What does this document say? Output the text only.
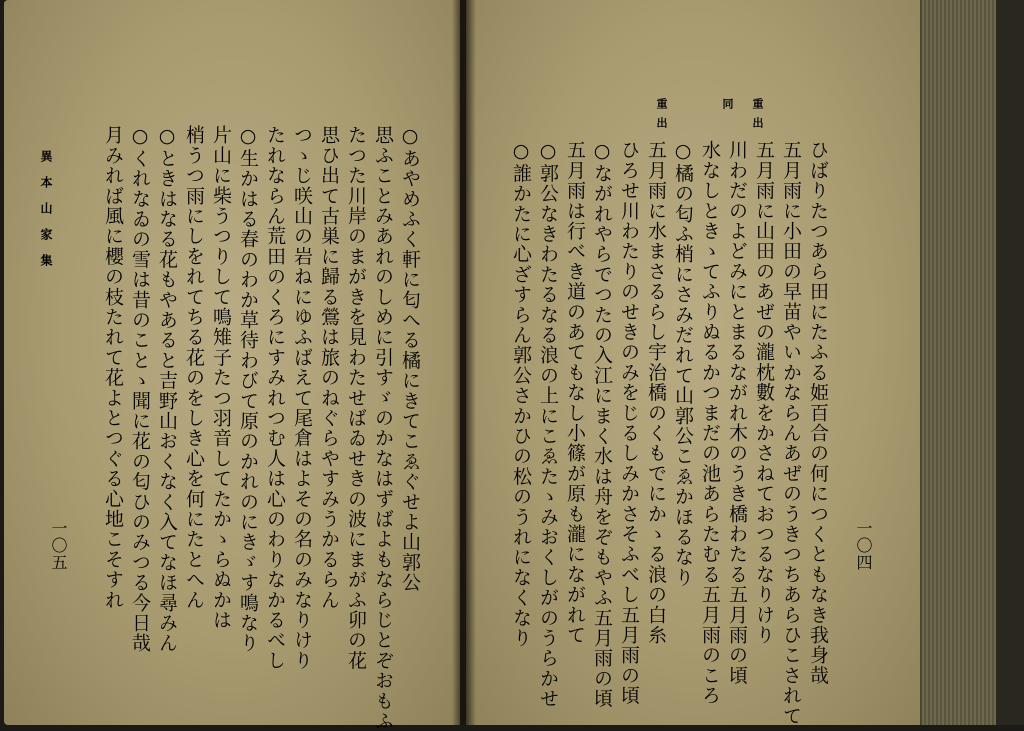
ひばりたつあら田にたふる姫百合の何につくともなき我身哉
五月雨に小田の早苗やいかならんあぜのうきつちあらひこされて
五月雨に山田のあぜの瀧枕數をかさねておつるなりけり
川わだのよどみにとまるながれ木のうき橋わたる五月雨の頃
水なしときゝてふりぬるかつまだの池あらたむる五月雨のころ
○橘の匂ふ梢にさみだれて山郭公こゑかほるなり
五月雨に水まさるらし宇治橋のくもでにかゝる浪の白糸
ひろせ川わたりのせきのみをじるしみかさそふべし五月雨の頃
○ながれやらでつたの入江にまく水は舟をぞもやふ五月雨の頃
五月雨は行べき道のあてもなし小篠が原も瀧にながれて
○郭公なきわたるなる浪の上にこゑたゝみおくしがのうらかせ
○誰かたに心ざすらん郭公さかひの松のうれになくなり	一〇四
重出
同
重出
○あやめふく軒に匂へる橘にきてこゑぐせよ山郭公
思ふことみあれのしめに引すゞのかなはずばよもならじとぞおもふ
たつた川岸のまがきを見わたせばゐせきの波にまがふ卯の花
思ひ出て古巣に歸る鶯は旅のねぐらやすみうかるらん
つゝじ咲山の岩ねにゆふばえて尾倉はよその名のみなりけり
たれならん荒田のくろにすみれつむ人は心のわりなかるべし
○生かはる春のわか草待わびて原のかれのにきゞす鳴なり
片山に柴うつりして鳴雉子たつ羽音してたかゝらぬかは
梢うつ雨にしをれてちる花のをしき心を何にたとへん
○ときはなる花もやあると吉野山おくなく入てなほ尋みん
○くれなゐの雪は昔のことゝ聞に花の匂ひのみつる今日哉
月みれば風に櫻の枝たれて花よとつぐる心地こそすれ
異本山家集
一〇五
